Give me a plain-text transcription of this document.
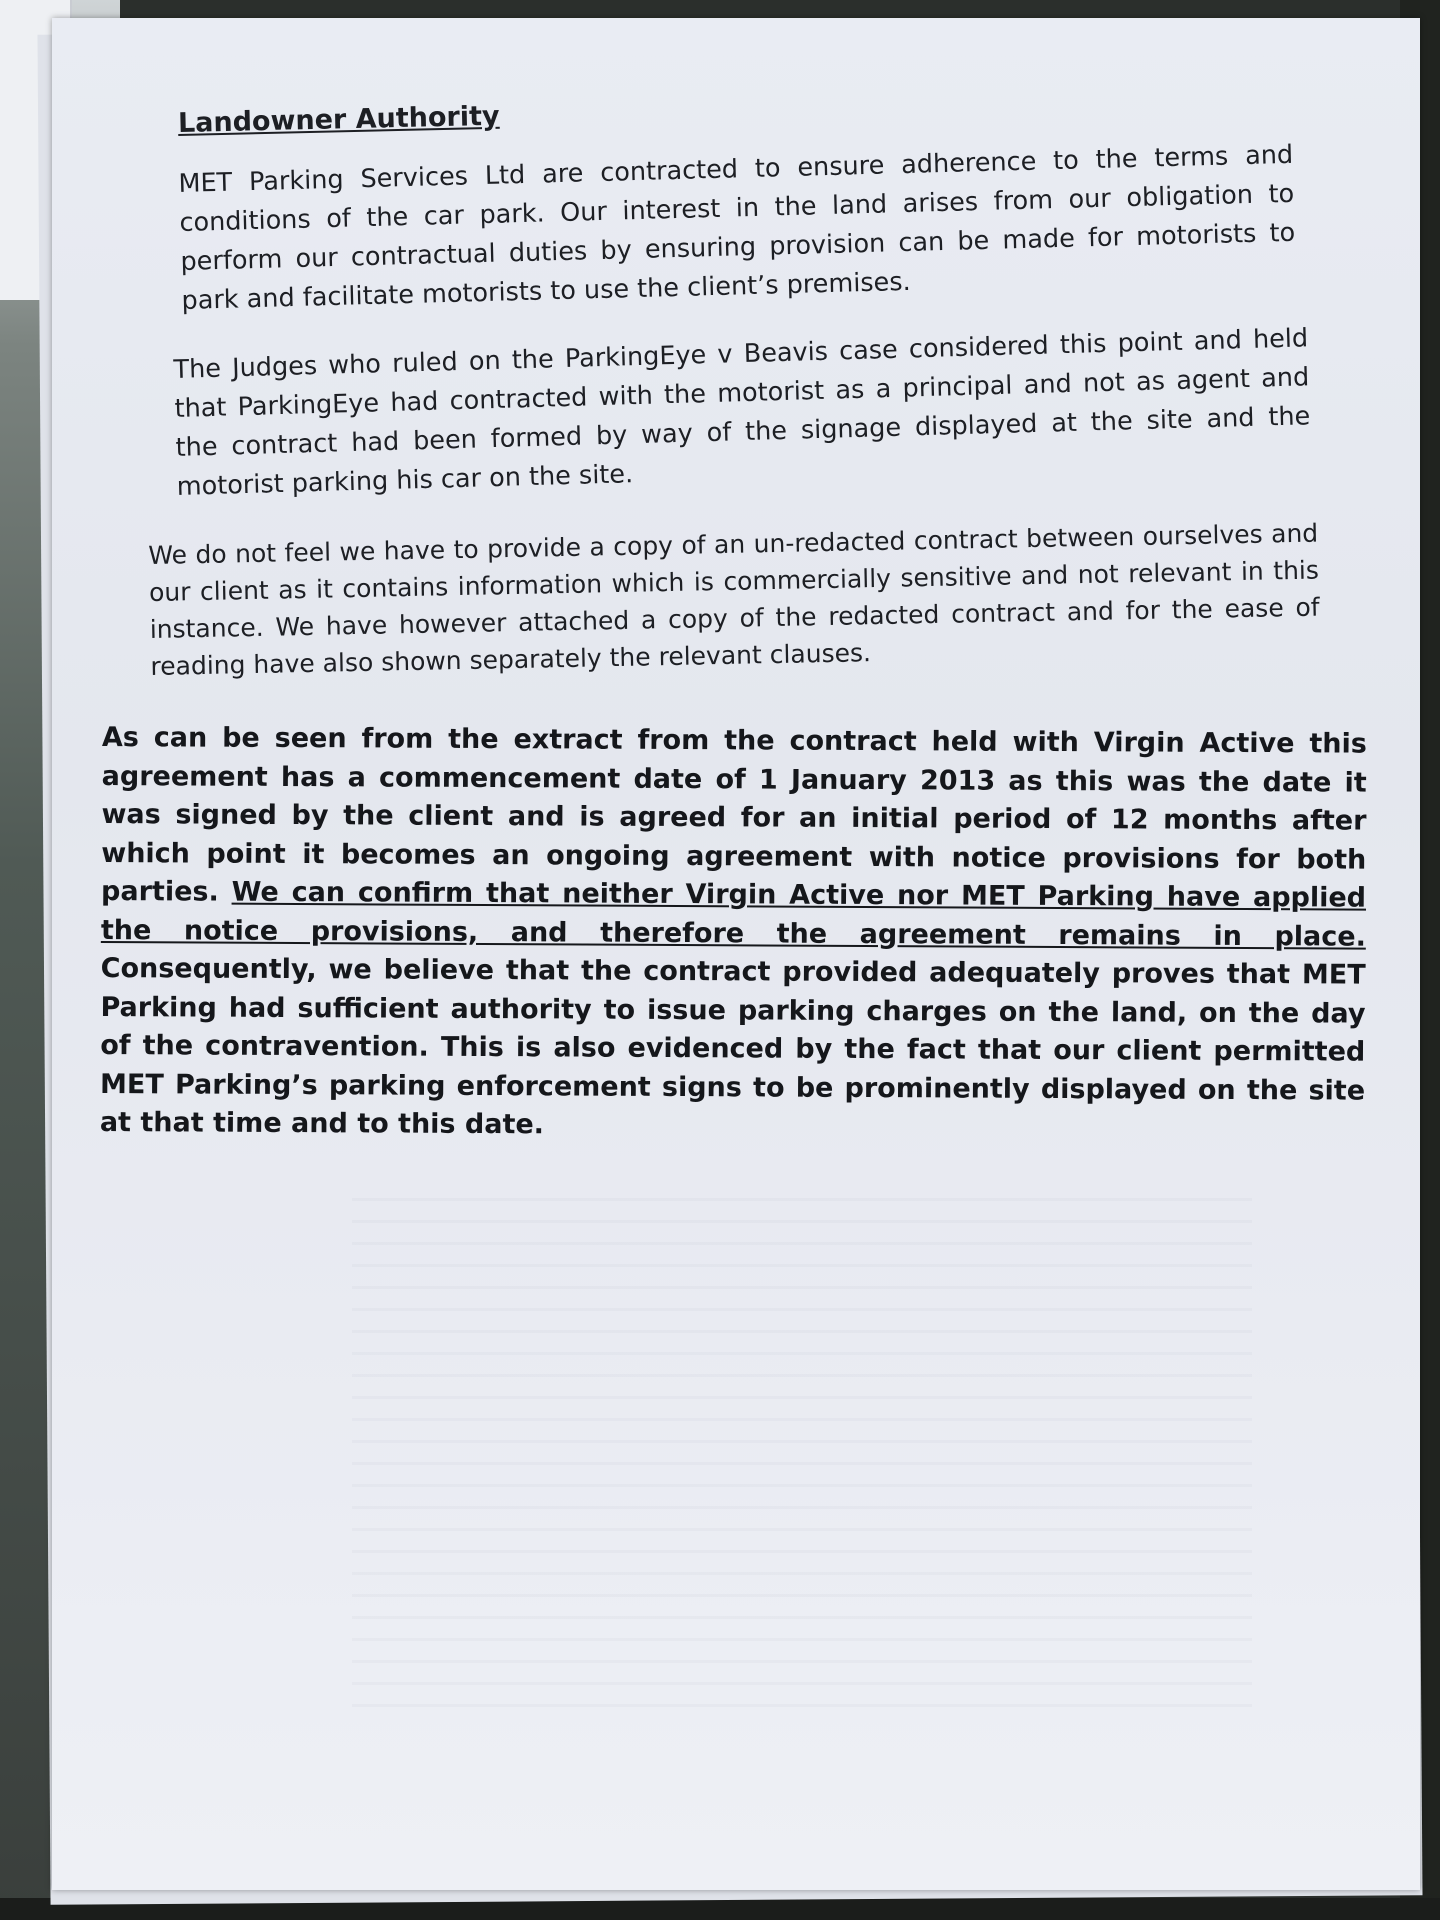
Landowner Authority

MET Parking Services Ltd are contracted to ensure adherence to the terms and conditions of the car park. Our interest in the land arises from our obligation to perform our contractual duties by ensuring provision can be made for motorists to park and facilitate motorists to use the client’s premises.

The Judges who ruled on the ParkingEye v Beavis case considered this point and held that ParkingEye had contracted with the motorist as a principal and not as agent and the contract had been formed by way of the signage displayed at the site and the motorist parking his car on the site.

We do not feel we have to provide a copy of an un-redacted contract between ourselves and our client as it contains information which is commercially sensitive and not relevant in this instance. We have however attached a copy of the redacted contract and for the ease of reading have also shown separately the relevant clauses.

As can be seen from the extract from the contract held with Virgin Active this agreement has a commencement date of 1 January 2013 as this was the date it was signed by the client and is agreed for an initial period of 12 months after which point it becomes an ongoing agreement with notice provisions for both parties. We can confirm that neither Virgin Active nor MET Parking have applied the notice provisions, and therefore the agreement remains in place. Consequently, we believe that the contract provided adequately proves that MET Parking had sufficient authority to issue parking charges on the land, on the day of the contravention. This is also evidenced by the fact that our client permitted MET Parking’s parking enforcement signs to be prominently displayed on the site at that time and to this date.
